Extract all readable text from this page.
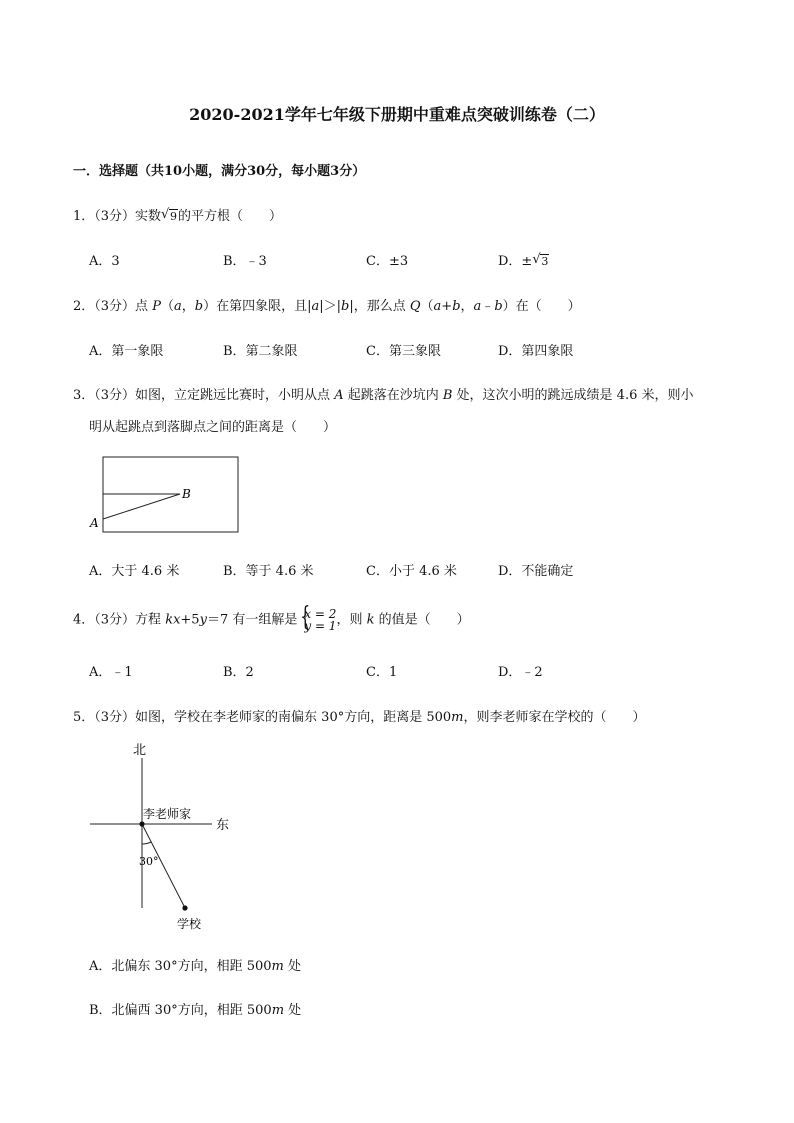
2020-2021学年七年级下册期中重难点突破训练卷（二）
一．选择题（共10小题，满分30分，每小题3分）
1．（3分）实数 √ 9的平方根（　　）
A．3	B．﹣3	C．±3	D．± √ 3
2．（3分）点 P（a，b）在第四象限，且|a|＞|b|，那么点 Q（a+b，a﹣b）在（　　）
A．第一象限	B．第二象限	C．第三象限	D．第四象限
3．（3分）如图，立定跳远比赛时，小明从点 A 起跳落在沙坑内 B 处，这次小明的跳远成绩是 4.6 米，则小
明从起跳点到落脚点之间的距离是（　　）
B
A
A．大于 4.6 米	B．等于 4.6 米	C．小于 4.6 米	D．不能确定
4．（3分）方程 kx+5y＝7 有一组解是 {
x = 2
y = 1，则 k 的值是（　　）
A．﹣1	B．2	C．1	D．﹣2
5．（3分）如图，学校在李老师家的南偏东 30°方向，距离是 500m，则李老师家在学校的（　　）
北
东
李老师家
30°
学校
A．北偏东 30°方向，相距 500m 处
B．北偏西 30°方向，相距 500m 处
